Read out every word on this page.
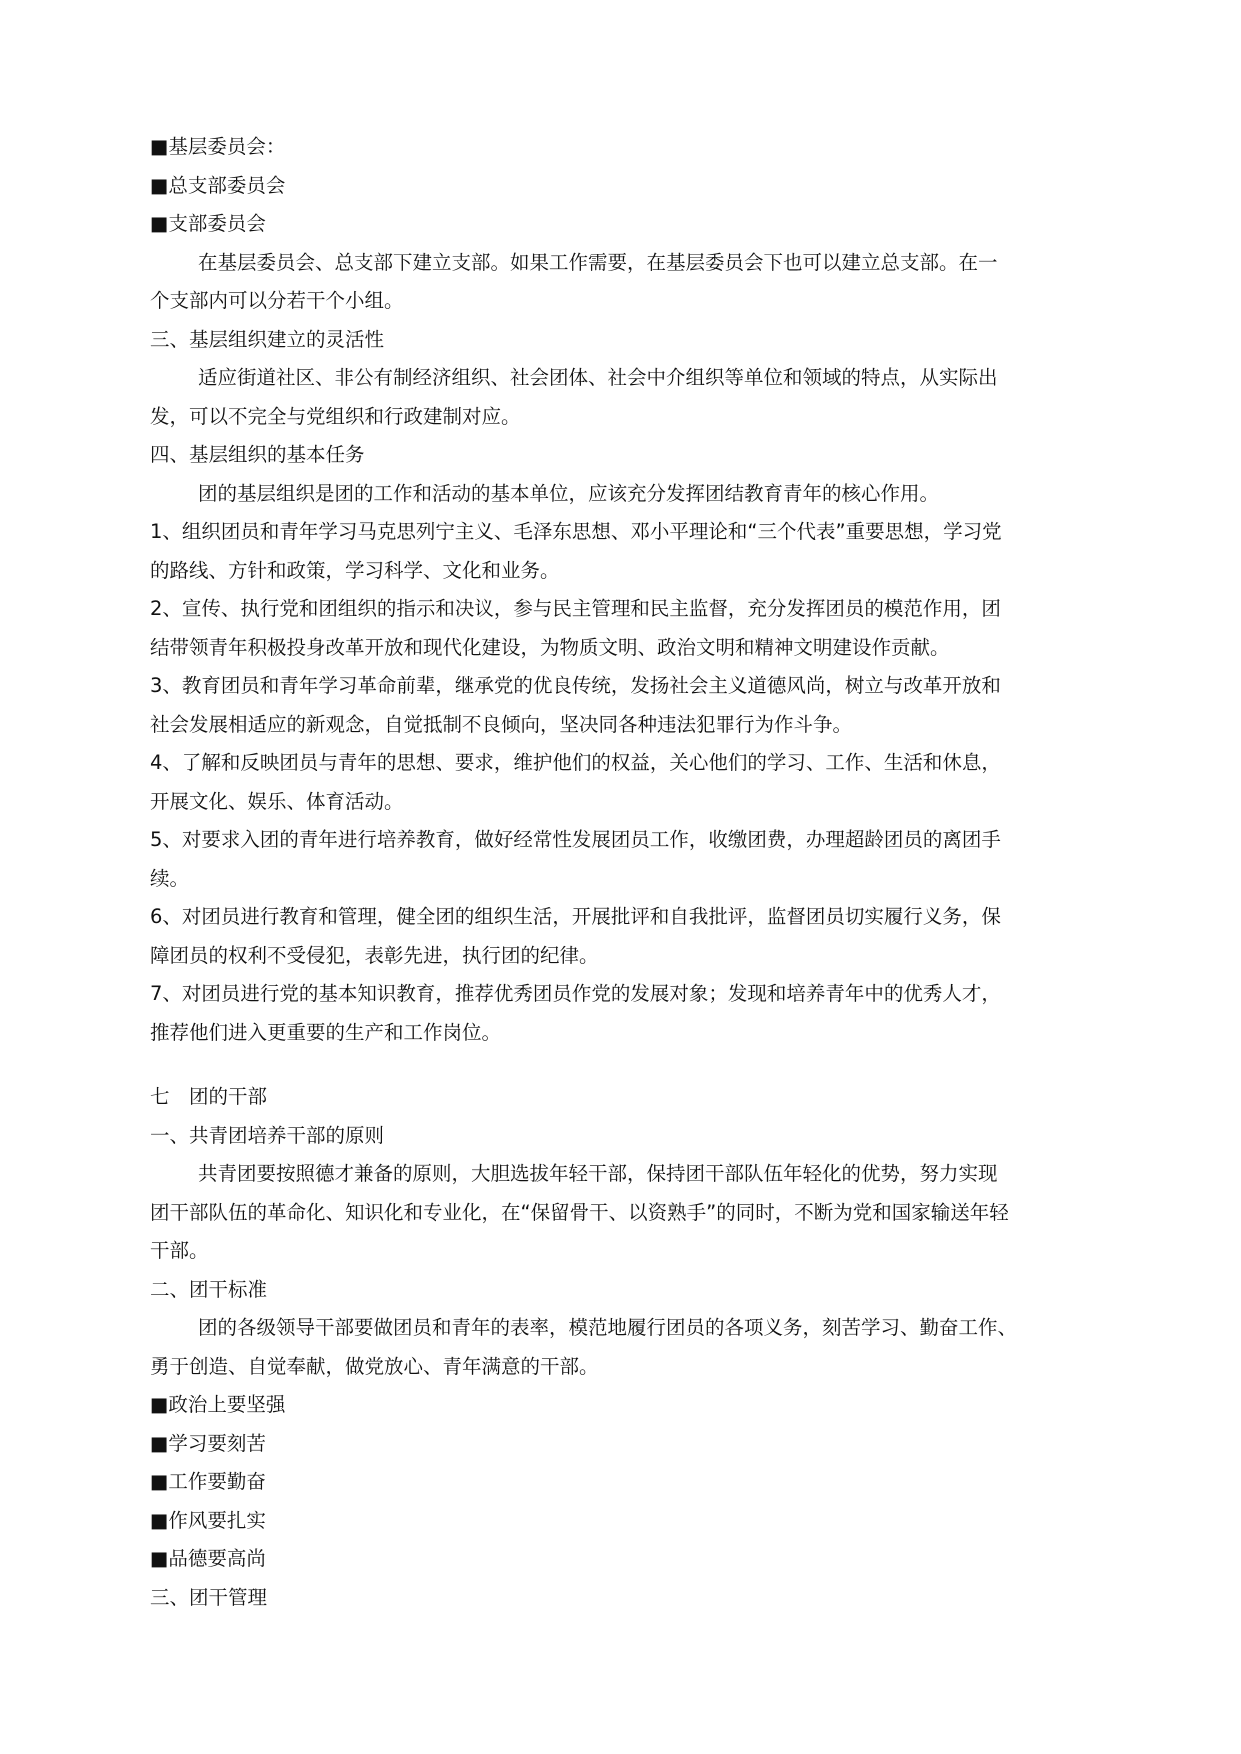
■基层委员会：
■总支部委员会
■支部委员会
在基层委员会、总支部下建立支部。如果工作需要，在基层委员会下也可以建立总支部。在一
个支部内可以分若干个小组。
三、基层组织建立的灵活性
适应街道社区、非公有制经济组织、社会团体、社会中介组织等单位和领域的特点，从实际出
发，可以不完全与党组织和行政建制对应。
四、基层组织的基本任务
团的基层组织是团的工作和活动的基本单位，应该充分发挥团结教育青年的核心作用。
1、组织团员和青年学习马克思列宁主义、毛泽东思想、邓小平理论和“三个代表”重要思想，学习党
的路线、方针和政策，学习科学、文化和业务。
2、宣传、执行党和团组织的指示和决议，参与民主管理和民主监督，充分发挥团员的模范作用，团
结带领青年积极投身改革开放和现代化建设，为物质文明、政治文明和精神文明建设作贡献。
3、教育团员和青年学习革命前辈，继承党的优良传统，发扬社会主义道德风尚，树立与改革开放和
社会发展相适应的新观念，自觉抵制不良倾向，坚决同各种违法犯罪行为作斗争。
4、了解和反映团员与青年的思想、要求，维护他们的权益，关心他们的学习、工作、生活和休息，
开展文化、娱乐、体育活动。
5、对要求入团的青年进行培养教育，做好经常性发展团员工作，收缴团费，办理超龄团员的离团手
续。
6、对团员进行教育和管理，健全团的组织生活，开展批评和自我批评，监督团员切实履行义务，保
障团员的权利不受侵犯，表彰先进，执行团的纪律。
7、对团员进行党的基本知识教育，推荐优秀团员作党的发展对象；发现和培养青年中的优秀人才，
推荐他们进入更重要的生产和工作岗位。
七　团的干部
一、共青团培养干部的原则
共青团要按照德才兼备的原则，大胆选拔年轻干部，保持团干部队伍年轻化的优势，努力实现
团干部队伍的革命化、知识化和专业化，在“保留骨干、以资熟手”的同时，不断为党和国家输送年轻
干部。
二、团干标准
团的各级领导干部要做团员和青年的表率，模范地履行团员的各项义务，刻苦学习、勤奋工作、
勇于创造、自觉奉献，做党放心、青年满意的干部。
■政治上要坚强
■学习要刻苦
■工作要勤奋
■作风要扎实
■品德要高尚
三、团干管理
